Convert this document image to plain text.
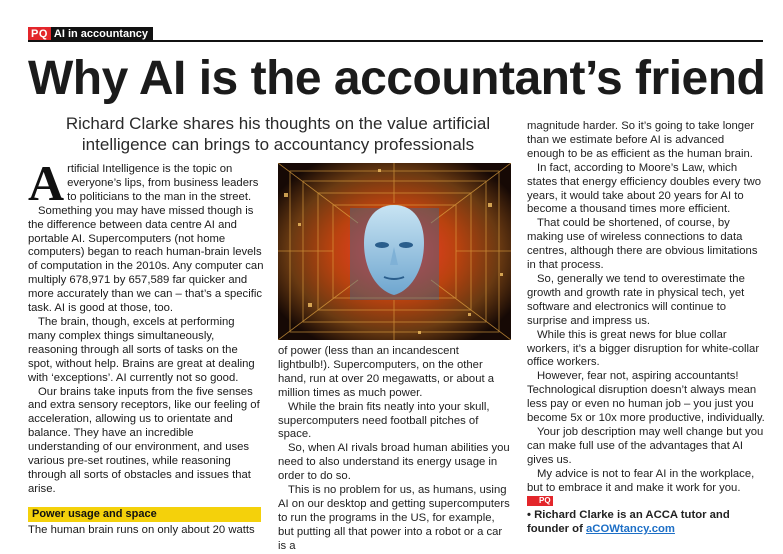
PQ AI in accountancy
Why AI is the accountant’s friend
Richard Clarke shares his thoughts on the value artificial intelligence can brings to accountancy professionals

Artificial Intelligence is the topic on everyone’s lips, from business leaders to politicians to the man in the street.

Something you may have missed though is the difference between data centre AI and portable AI. Supercomputers (not home computers) began to reach human-brain levels of computation in the 2010s. Any computer can multiply 678,971 by 657,589 far quicker and more accurately than we can – that’s a specific task. AI is good at those, too.

The brain, though, excels at performing many complex things simultaneously, reasoning through all sorts of tasks on the spot, without help. Brains are great at dealing with ‘exceptions’. AI currently not so good.

Our brains take inputs from the five senses and extra sensory receptors, like our feeling of acceleration, allowing us to orientate and balance. They have an incredible understanding of our environment, and uses various pre-set routines, while reasoning through all sorts of obstacles and issues that arise.

Power usage and space

The human brain runs on only about 20 watts

of power (less than an incandescent lightbulb!). Supercomputers, on the other hand, run at over 20 megawatts, or about a million times as much power.

While the brain fits neatly into your skull, supercomputers need football pitches of space.

So, when AI rivals broad human abilities you need to also understand its energy usage in order to do so.

This is no problem for us, as humans, using AI on our desktop and getting supercomputers to run the programs in the US, for example, but putting all that power into a robot or a car is a

magnitude harder. So it’s going to take longer than we estimate before AI is advanced enough to be as efficient as the human brain.

In fact, according to Moore’s Law, which states that energy efficiency doubles every two years, it would take about 20 years for AI to become a thousand times more efficient.

That could be shortened, of course, by making use of wireless connections to data centres, although there are obvious limitations in that process.

So, generally we tend to overestimate the growth and growth rate in physical tech, yet software and electronics will continue to surprise and impress us.

While this is great news for blue collar workers, it’s a bigger disruption for white-collar office workers.

However, fear not, aspiring accountants! Technological disruption doesn’t always mean less pay or even no human job – you just you become 5x or 10x more productive, individually.

Your job description may well change but you can make full use of the advantages that AI gives us.

My advice is not to fear AI in the workplace, but to embrace it and make it work for you. PQ

• Richard Clarke is an ACCA tutor and founder of aCOWtancy.com
